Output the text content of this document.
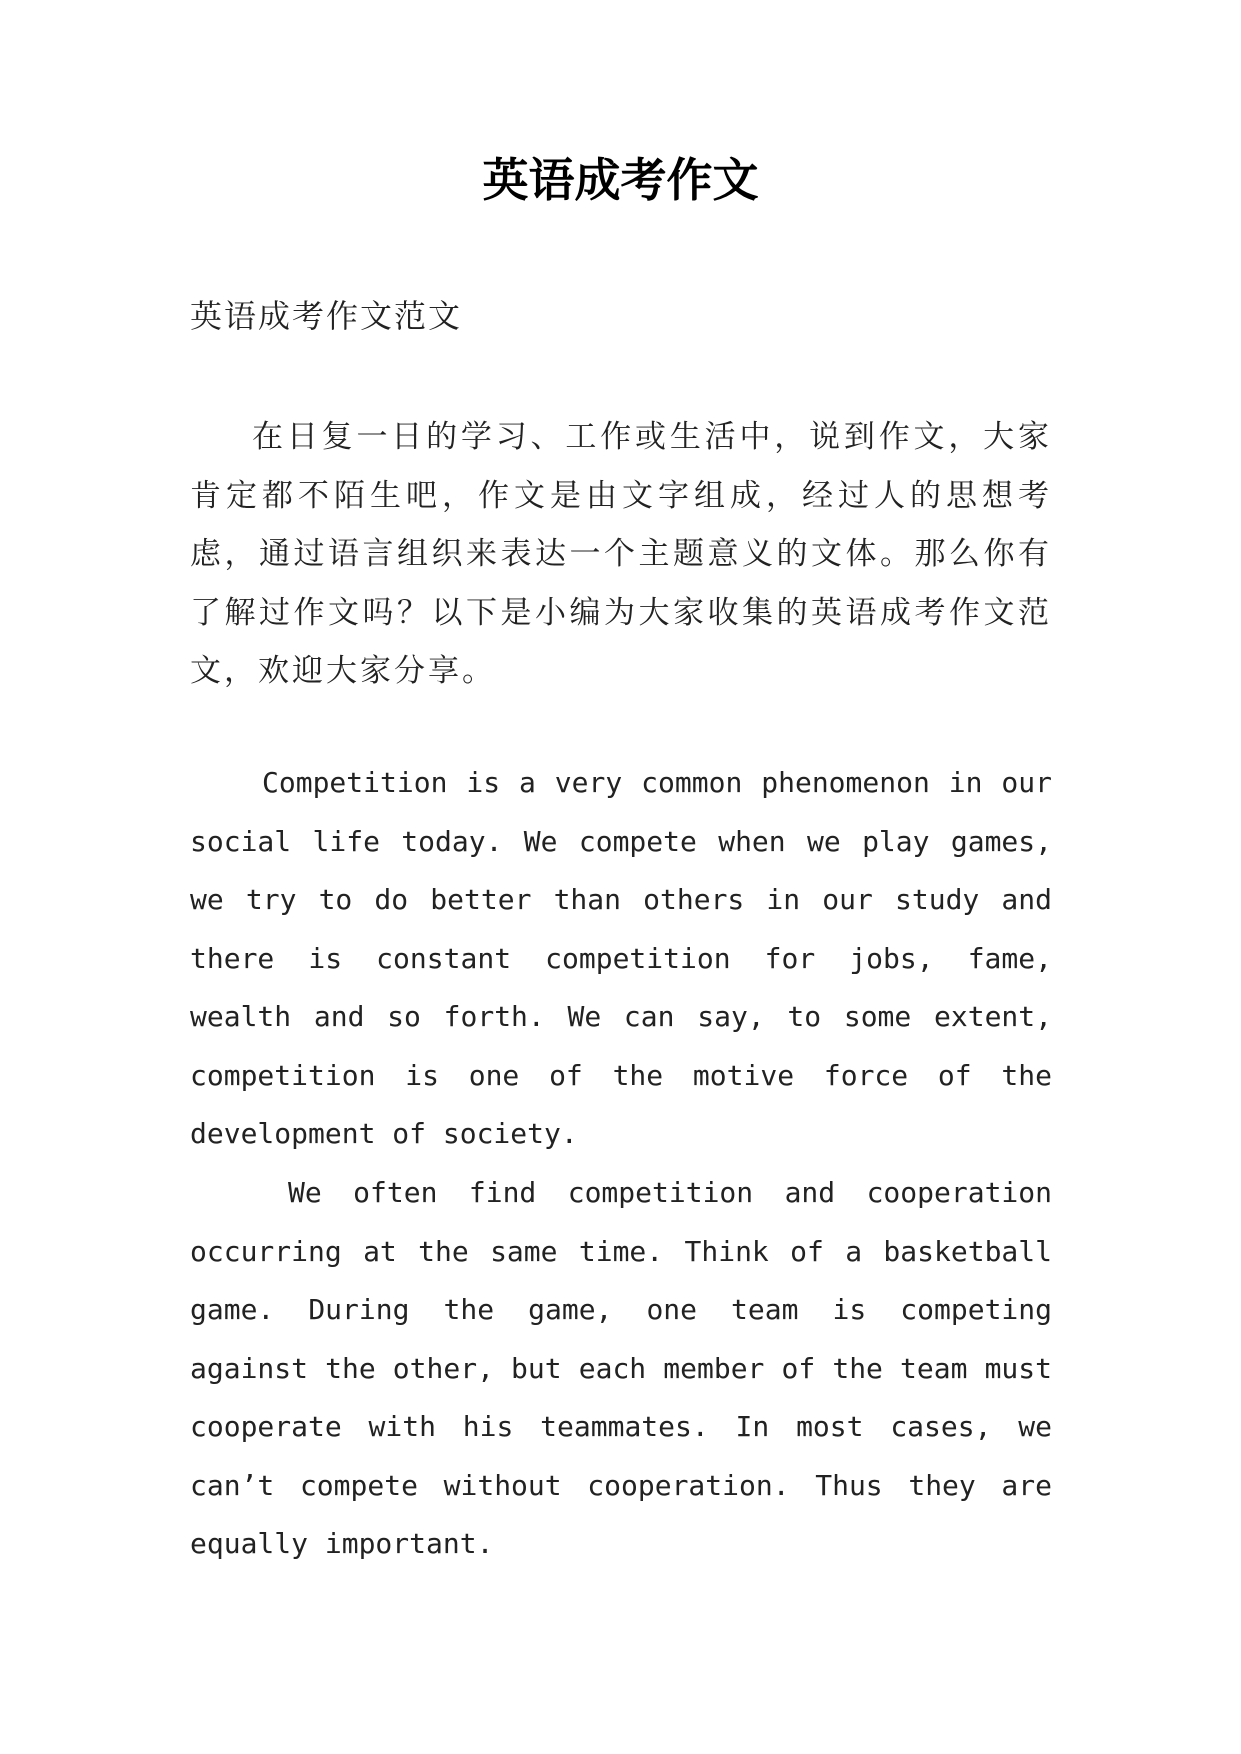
英语成考作文

英语成考作文范文

在日复一日的学习、工作或生活中，说到作文，大家肯定都不陌生吧，作文是由文字组成，经过人的思想考虑，通过语言组织来表达一个主题意义的文体。那么你有了解过作文吗？以下是小编为大家收集的英语成考作文范文，欢迎大家分享。

Competition is a very common phenomenon in our social life today. We compete when we play games, we try to do better than others in our study and there is constant competition for jobs, fame, wealth and so forth. We can say, to some extent, competition is one of the motive force of the development of society.

We often find competition and cooperation occurring at the same time. Think of a basketball game. During the game, one team is competing against the other, but each member of the team must cooperate with his teammates. In most cases, we can’t compete without cooperation. Thus they are equally important.
